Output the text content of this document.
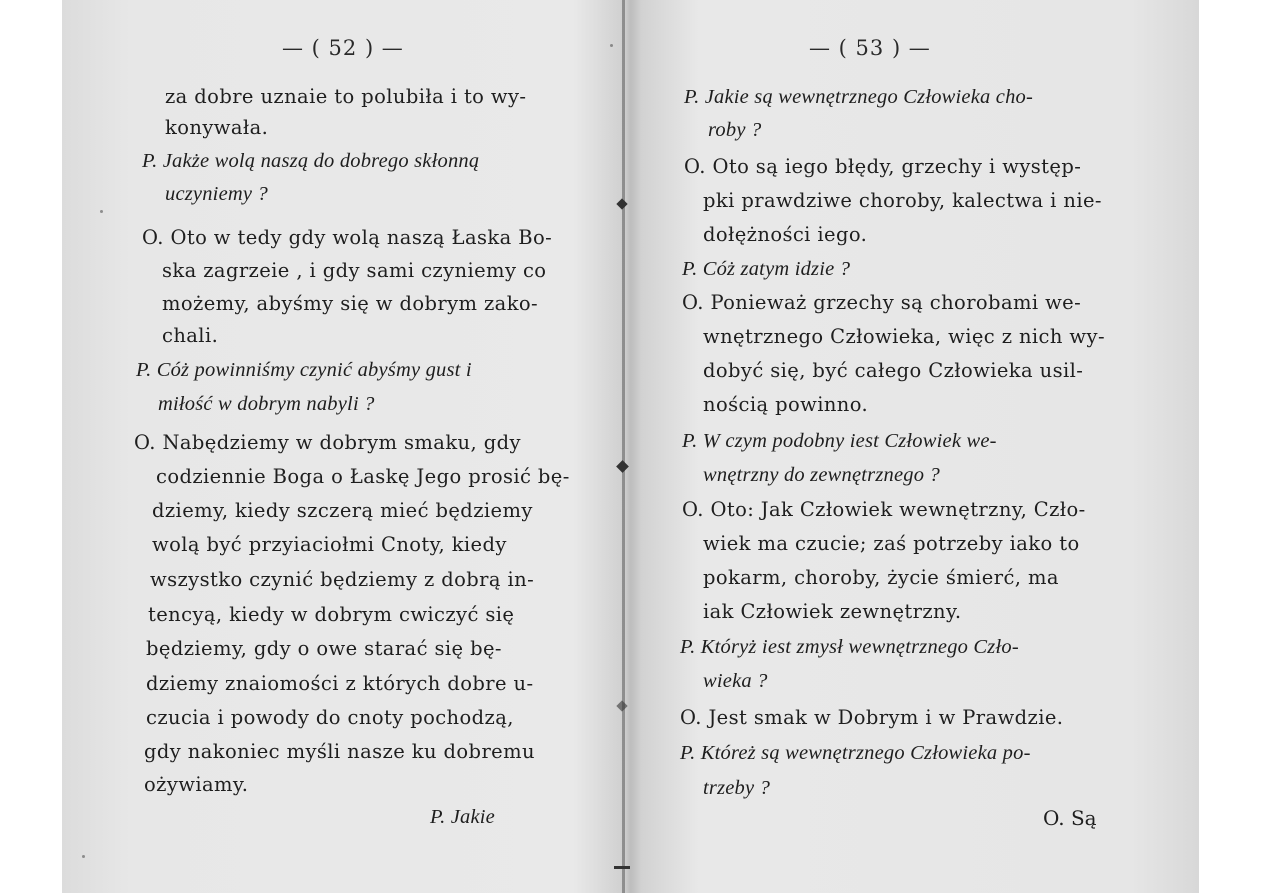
— ( 52 ) —
za dobre uznaie to polubiła i to wy-
konywała.
P. Jakże wolą naszą do dobrego skłonną
uczyniemy ?
O. Oto w tedy gdy wolą naszą Łaska Bo-
ska zagrzeie , i gdy sami czyniemy co
możemy, abyśmy się w dobrym zako-
chali.
P. Cóż powinniśmy czynić abyśmy gust i
miłość w dobrym nabyli ?
O. Nabędziemy w dobrym smaku, gdy
codziennie Boga o Łaskę Jego prosić bę-
dziemy, kiedy szczerą mieć będziemy
wolą być przyiaciołmi Cnoty, kiedy
wszystko czynić będziemy z dobrą in-
tencyą, kiedy w dobrym cwiczyć się
będziemy, gdy o owe starać się bę-
dziemy znaiomości z których dobre u-
czucia i powody do cnoty pochodzą,
gdy nakoniec myśli nasze ku dobremu
ożywiamy.
P. Jakie
— ( 53 ) —
P. Jakie są wewnętrznego Człowieka cho-
roby ?
O. Oto są iego błędy, grzechy i występ-
pki prawdziwe choroby, kalectwa i nie-
dołężności iego.
P. Cóż zatym idzie ?
O. Ponieważ grzechy są chorobami we-
wnętrznego Człowieka, więc z nich wy-
dobyć się, być całego Człowieka usil-
nością powinno.
P. W czym podobny iest Człowiek we-
wnętrzny do zewnętrznego ?
O. Oto: Jak Człowiek wewnętrzny, Czło-
wiek ma czucie; zaś potrzeby iako to
pokarm, choroby, życie śmierć, ma
iak Człowiek zewnętrzny.
P. Któryż iest zmysł wewnętrznego Czło-
wieka ?
O. Jest smak w Dobrym i w Prawdzie.
P. Któreż są wewnętrznego Człowieka po-
trzeby ?
O. Są
